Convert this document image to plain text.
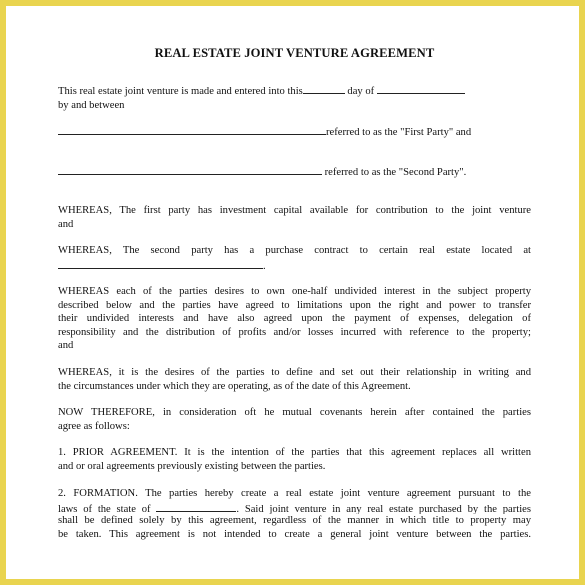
REAL ESTATE JOINT VENTURE AGREEMENT
This real estate joint venture is made and entered into this	day of
by and between
referred to as the "First Party" and
referred to as the "Second Party".
WHEREAS, The first party has investment capital available for contribution to the joint venture
and
WHEREAS, The second party has a purchase contract to certain real estate located at
.
WHEREAS each of the parties desires to own one-half undivided interest in the subject property
described below and the parties have agreed to limitations upon the right and power to transfer
their undivided interests and have also agreed upon the payment of expenses, delegation of
responsibility and the distribution of profits and/or losses incurred with reference to the property;
and
WHEREAS, it is the desires of the parties to define and set out their relationship in writing and
the circumstances under which they are operating, as of the date of this Agreement.
NOW THEREFORE, in consideration oft he mutual covenants herein after contained the parties
agree as follows:
1. PRIOR AGREEMENT. It is the intention of the parties that this agreement replaces all written
and or oral agreements previously existing between the parties.
2. FORMATION. The parties hereby create a real estate joint venture agreement pursuant to the
laws of the state of	. Said joint venture in any real estate purchased by the parties
shall be defined solely by this agreement, regardless of the manner in which title to property may
be taken. This agreement is not intended to create a general joint venture between the parties.
